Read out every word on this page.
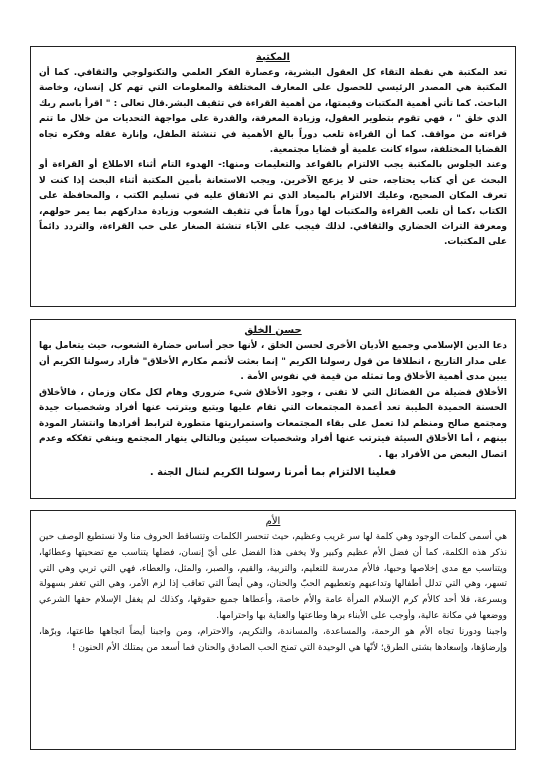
المكتبة

تعد المكتبة هي نقطة التقاء كل العقول البشرية، وعصارة الفكر العلمي والتكنولوجي والثقافي. كما أن المكتبة هي المصدر الرئيسي للحصول على المعارف المختلفة والمعلومات التي تهم كل إنسان، وخاصة الباحث. كما تأتي أهمية المكتبات وقيمتها، من أهمية القراءة في تثقيف البشر.قال تعالى : " اقرأ باسم ربك الذي خلق " ، فهي تقوم بتطوير العقول، وزيادة المعرفة، والقدرة على مواجهة التحديات من خلال ما تتم قراءته من مواقف. كما أن القراءة تلعب دوراً بالغ الأهمية في تنشئة الطفل، وإنارة عقله وفكره تجاه القضايا المختلفة، سواء كانت علمية أو قضايا مجتمعية.

وعند الجلوس بالمكتبة يجب الالتزام بالقواعد والتعليمات ومنها:- الهدوء التام أثناء الاطلاع أو القراءة أو البحث عن أي كتاب يحتاجه، حتى لا يزعج الآخرين. ويجب الاستعانة بأمين المكتبة أثناء البحث إذا كنت لا تعرف المكان الصحيح، وعليك الالتزام بالميعاد الذي تم الاتفاق عليه في تسليم الكتب ، والمحافظة على الكتاب ،كما أن تلعب القراءة والمكتبات لها دوراً هاماً في تثقيف الشعوب وزيادة مداركهم بما يمر حولهم، ومعرفة التراث الحضاري والثقافي. لذلك فيجب على الآباء تنشئة الصغار على حب القراءة، والتردد دائماً على المكتبات.

حسن الخلق

دعا الدين الإسلامي وجميع الأديان الأخرى لحسن الخلق ، لأنها حجر أساس حضارة الشعوب، حيث يتعامل بها على مدار التاريخ ، انطلاقا من قول رسولنا الكريم " إنما بعثت لأتمم مكارم الأخلاق" فأراد رسولنا الكريم أن يبين مدى أهمية الأخلاق وما تمثله من قيمة في نفوس الأمة .

الأخلاق فضيلة من الفضائل التي لا تفنى ، وجود الأخلاق شيء ضروري وهام لكل مكان وزمان ، فالأخلاق الحسنة الحميدة الطيبة تعد أعمدة المجتمعات التي تقام عليها ويتبع ويترتب عنها أفراد وشخصيات جيدة ومجتمع صالح ومنظم لذا تعمل على بقاء المجتمعات واستمراريتها متطورة لترابط أفرادها وانتشار المودة بينهم ، أما الأخلاق السيئة فيترتب عنها أفراد وشخصيات سيئين وبالتالي ينهار المجتمع وينفي تفككه وعدم اتصال البعض من الأفراد بها .

فعلينا الالتزام بما أمرنا رسولنا الكريم لننال الجنة .

الأم

هي أسمى كلمات الوجود وهي كلمة لها سر غريب وعظيم، حيث تنحسر الكلمات وتتساقط الحروف منا ولا نستطيع الوصف حين نذكر هذه الكلمة، كما أن فضل الأم عظيم وكبير ولا يخفى هذا الفضل على أيّ إنسان، فضلها يتناسب مع تضحيتها وعطائها، ويتناسب مع مدى إخلاصها وحبها، فالأم مدرسة للتعليم، والتربية، والقيم، والصبر، والمثل، والعطاء، فهي التي تربي وهي التي تسهر، وهي التي تدلل أطفالها وتداعبهم وتعطيهم الحبّ والحنان، وهي أيضاً التي تعاقب إذا لزم الأمر، وهي التي تغفر بسهولة وبسرعة، فلا أحد كالأم كرم الإسلام المرأة عامة والأم خاصة، وأعطاها جميع حقوقها، وكذلك لم يغفل الإسلام حقها الشرعي ووضعها في مكانة عالية، وأوجب على الأبناء برها وطاعتها والعناية بها واحترامها.

واجبنا ودورنا تجاه الأم هو الرحمة، والمساعدة، والمساندة، والتكريم، والاحترام، ومن واجبنا أيضاً اتجاهها طاعتها، وبرّها، وإرضاؤها، وإسعادها بشتى الطرق؛ لأنّها هي الوحيدة التي تمنح الحب الصادق والحنان فما أسعد من يمتلك الأم الحنون !
